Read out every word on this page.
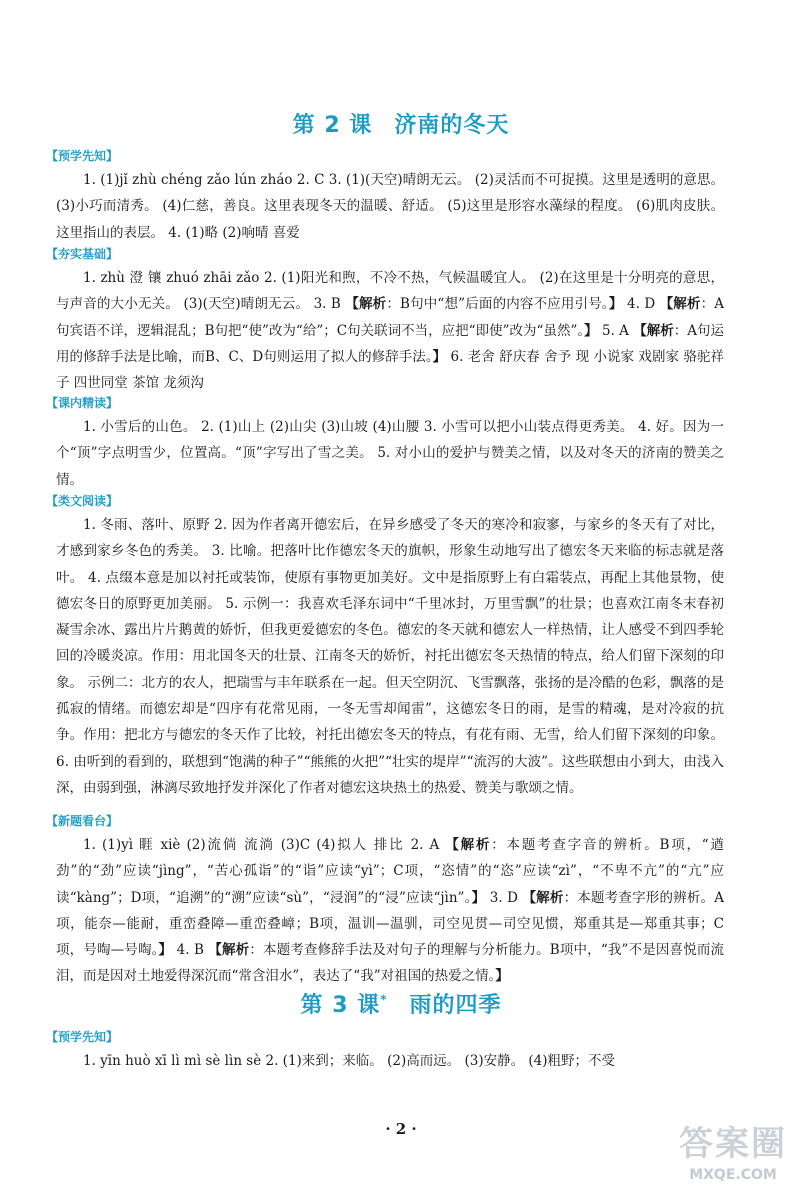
第 2 课 济南的冬天
【预学先知】

1. (1)jǐ zhù chéng zǎo lún zháo 2. C 3. (1)(天空)晴朗无云。 (2)灵活而不可捉摸。这里是透明的意思。 (3)小巧而清秀。 (4)仁慈，善良。这里表现冬天的温暖、舒适。 (5)这里是形容水藻绿的程度。 (6)肌肉皮肤。这里指山的表层。 4. (1)略 (2)响晴 喜爱

【夯实基础】

1. zhù 澄 镶 zhuó zhāi zǎo 2. (1)阳光和煦，不冷不热，气候温暖宜人。 (2)在这里是十分明亮的意思，与声音的大小无关。 (3)(天空)晴朗无云。 3. B 【解析：B句中“想”后面的内容不应用引号。】 4. D 【解析：A句宾语不详，逻辑混乱；B句把“使”改为“给”；C句关联词不当，应把“即使”改为“虽然”。】 5. A 【解析：A句运用的修辞手法是比喻，而B、C、D句则运用了拟人的修辞手法。】 6. 老舍 舒庆春 舍予 现 小说家 戏剧家 骆驼祥子 四世同堂 茶馆 龙须沟

【课内精读】

1. 小雪后的山色。 2. (1)山上 (2)山尖 (3)山坡 (4)山腰 3. 小雪可以把小山装点得更秀美。 4. 好。因为一个“顶”字点明雪少，位置高。“顶”字写出了雪之美。 5. 对小山的爱护与赞美之情，以及对冬天的济南的赞美之情。

【类文阅读】

1. 冬雨、落叶、原野 2. 因为作者离开德宏后，在异乡感受了冬天的寒冷和寂寥，与家乡的冬天有了对比，才感到家乡冬色的秀美。 3. 比喻。把落叶比作德宏冬天的旗帜，形象生动地写出了德宏冬天来临的标志就是落叶。 4. 点缀本意是加以衬托或装饰，使原有事物更加美好。文中是指原野上有白霜装点，再配上其他景物，使德宏冬日的原野更加美丽。 5. 示例一：我喜欢毛泽东词中“千里冰封，万里雪飘”的壮景；也喜欢江南冬末春初凝雪余冰、露出片片鹅黄的娇忻，但我更爱德宏的冬色。德宏的冬天就和德宏人一样热情，让人感受不到四季轮回的冷暖炎凉。作用：用北国冬天的壮景、江南冬天的娇忻，衬托出德宏冬天热情的特点，给人们留下深刻的印象。 示例二：北方的农人，把瑞雪与丰年联系在一起。但天空阴沉、飞雪飘落，张扬的是冷酷的色彩，飘落的是孤寂的情绪。而德宏却是“四序有花常见雨，一冬无雪却闻雷”，这德宏冬日的雨，是雪的精魂，是对冷寂的抗争。作用：把北方与德宏的冬天作了比较，衬托出德宏冬天的特点，有花有雨、无雪，给人们留下深刻的印象。 6. 由听到的看到的，联想到“饱满的种子”“熊熊的火把”“壮实的堤岸”“流泻的大波”。这些联想由小到大，由浅入深，由弱到强，淋漓尽致地抒发并深化了作者对德宏这块热土的热爱、赞美与歌颂之情。

【新题看台】

1. (1)yì 睚 xiè (2)流倘 流淌 (3)C (4)拟人 排比 2. A 【解析：本题考查字音的辨析。B项，“遒劲”的“劲”应读“jìng”，“苦心孤诣”的“诣”应读“yì”；C项，“恣情”的“恣”应读“zì”，“不卑不亢”的“亢”应读“kàng”；D项，“追溯”的“溯”应读“sù”，“浸润”的“浸”应读“jìn”。】 3. D 【解析：本题考查字形的辨析。A项，能奈—能耐，重峦叠障—重峦叠嶂；B项，温训—温驯，司空见贯—司空见惯，郑重其是—郑重其事；C项，号啕—号啕。】 4. B 【解析：本题考查修辞手法及对句子的理解与分析能力。B项中，“我”不是因喜悦而流泪，而是因对土地爱得深沉而“常含泪水”，表达了“我”对祖国的热爱之情。】

第 3 课* 雨的四季
【预学先知】

1. yīn huò xī lì mì sè lìn sè 2. (1)来到；来临。 (2)高而远。 (3)安静。 (4)粗野；不受

· 2 ·	答案圈
MXQE.COM
